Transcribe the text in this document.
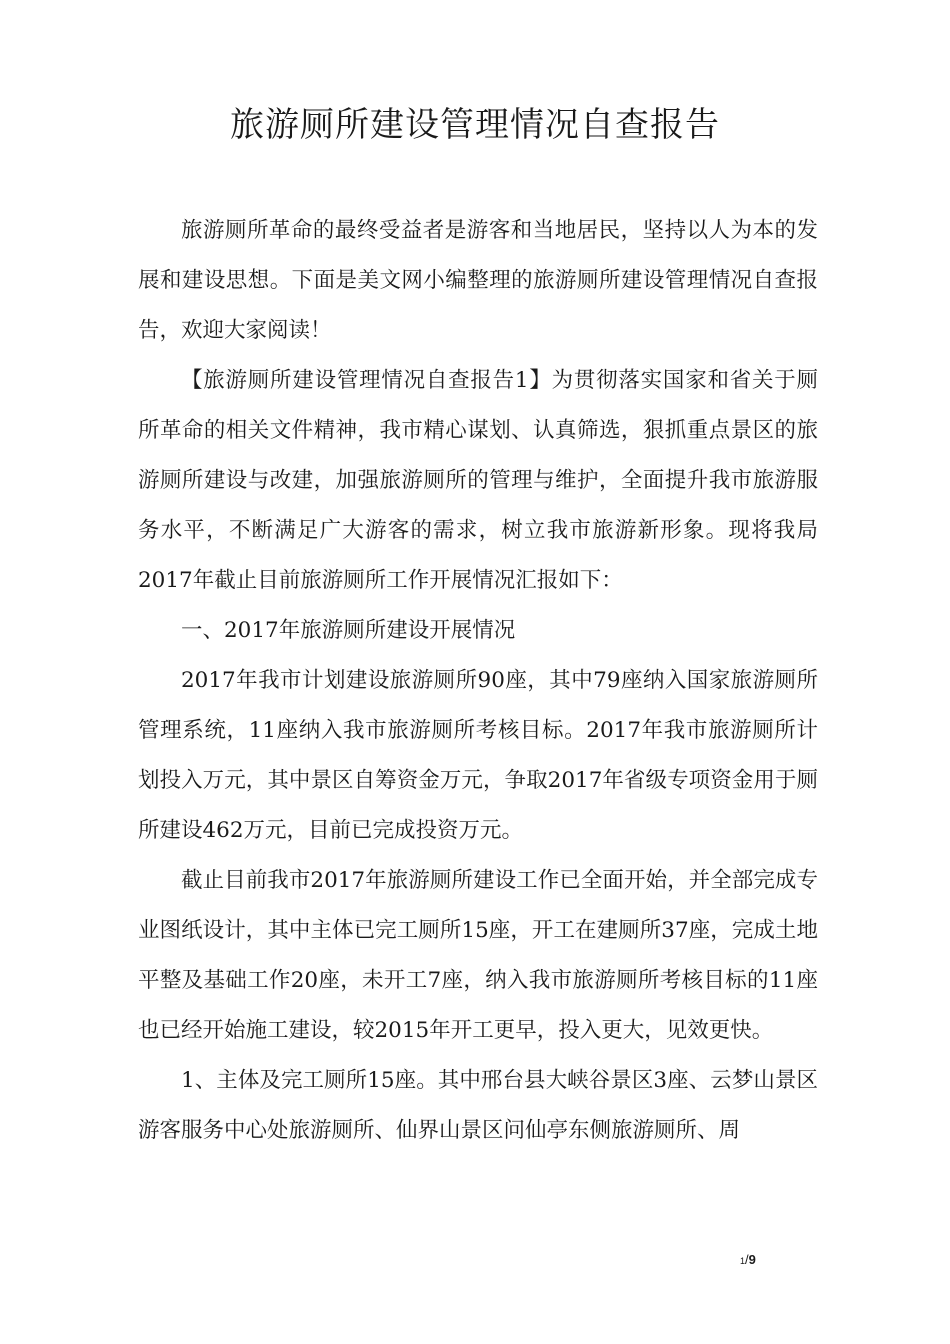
旅游厕所建设管理情况自查报告

旅游厕所革命的最终受益者是游客和当地居民，坚持以人为本的发展和建设思想。下面是美文网小编整理的旅游厕所建设管理情况自查报告，欢迎大家阅读！

【旅游厕所建设管理情况自查报告1】为贯彻落实国家和省关于厕所革命的相关文件精神，我市精心谋划、认真筛选，狠抓重点景区的旅游厕所建设与改建，加强旅游厕所的管理与维护，全面提升我市旅游服务水平，不断满足广大游客的需求，树立我市旅游新形象。现将我局2017年截止目前旅游厕所工作开展情况汇报如下：

一、2017年旅游厕所建设开展情况

2017年我市计划建设旅游厕所90座，其中79座纳入国家旅游厕所管理系统，11座纳入我市旅游厕所考核目标。2017年我市旅游厕所计划投入万元，其中景区自筹资金万元，争取2017年省级专项资金用于厕所建设462万元，目前已完成投资万元。

截止目前我市2017年旅游厕所建设工作已全面开始，并全部完成专业图纸设计，其中主体已完工厕所15座，开工在建厕所37座，完成土地平整及基础工作20座，未开工7座，纳入我市旅游厕所考核目标的11座也已经开始施工建设，较2015年开工更早，投入更大，见效更快。

1、主体及完工厕所15座。其中邢台县大峡谷景区3座、云梦山景区游客服务中心处旅游厕所、仙界山景区问仙亭东侧旅游厕所、周

1/9
